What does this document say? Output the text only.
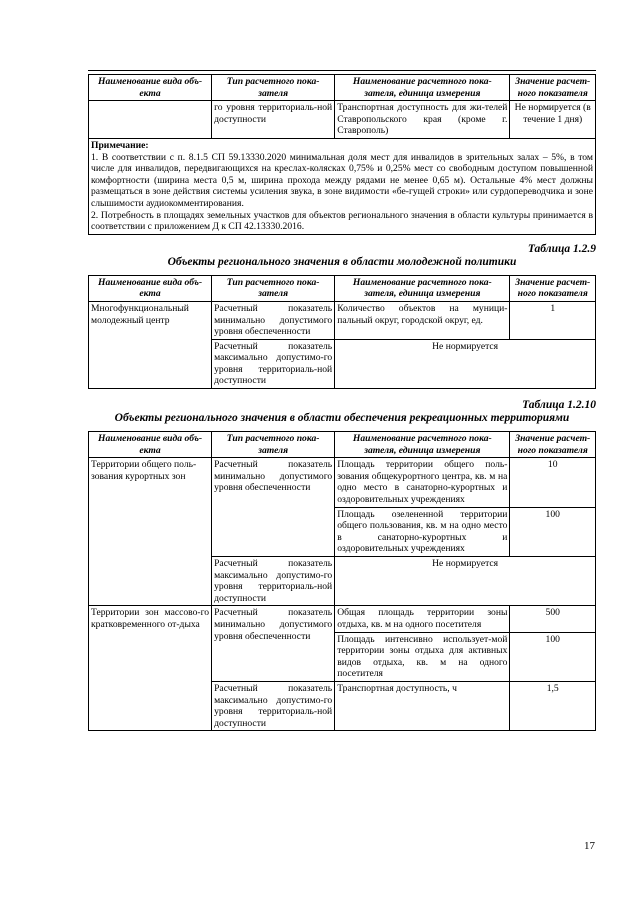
Наименование вида объ-екта	Тип расчетного пока-зателя	Наименование расчетного пока-зателя, единица измерения	Значение расчет-ного показателя
	го уровня территориаль-ной доступности	Транспортная доступность для жи-телей Ставропольского края (кроме г. Ставрополь)	Не нормируется (в течение 1 дня)
Примечание:
1. В соответствии с п. 8.1.5 СП 59.13330.2020 минимальная доля мест для инвалидов в зрительных залах – 5%, в том числе для инвалидов, передвигающихся на креслах-колясках 0,75% и 0,25% мест со свободным доступом повышенной комфортности (ширина места 0,5 м, ширина прохода между рядами не менее 0,65 м). Остальные 4% мест должны размещаться в зоне действия системы усиления звука, в зоне видимости «бе-гущей строки» или сурдопереводчика и зоне слышимости аудиокомментирования.
2. Потребность в площадях земельных участков для объектов регионального значения в области культуры принимается в соответствии с приложением Д к СП 42.13330.2016.			
Таблица 1.2.9
Объекты регионального значения в области молодежной политики
Наименование вида объ-екта	Тип расчетного пока-зателя	Наименование расчетного пока-зателя, единица измерения	Значение расчет-ного показателя
Многофункциональный молодежный центр	Расчетный показатель минимально допустимого уровня обеспеченности	Количество объектов на муници-пальный округ, городской округ, ед.	1
	Расчетный показатель максимально допустимо-го уровня территориаль-ной доступности	Не нормируется	
Таблица 1.2.10
Объекты регионального значения в области обеспечения рекреационных территориями
Наименование вида объ-екта	Тип расчетного пока-зателя	Наименование расчетного пока-зателя, единица измерения	Значение расчет-ного показателя
Территории общего поль-зования курортных зон	Расчетный показатель минимально допустимого уровня обеспеченности	Площадь территории общего поль-зования общекурортного центра, кв. м на одно место в санаторно-курортных и оздоровительных учреждениях	10
		Площадь озелененной территории общего пользования, кв. м на одно место в санаторно-курортных и оздоровительных учреждениях	100
	Расчетный показатель максимально допустимо-го уровня территориаль-ной доступности	Не нормируется	
Территории зон массово-го кратковременного от-дыха	Расчетный показатель минимально допустимого уровня обеспеченности	Общая площадь территории зоны отдыха, кв. м на одного посетителя	500
		Площадь интенсивно использует-мой территории зоны отдыха для активных видов отдыха, кв. м на одного посетителя	100
	Расчетный показатель максимально допустимо-го уровня территориаль-ной доступности	Транспортная доступность, ч	1,5
17
